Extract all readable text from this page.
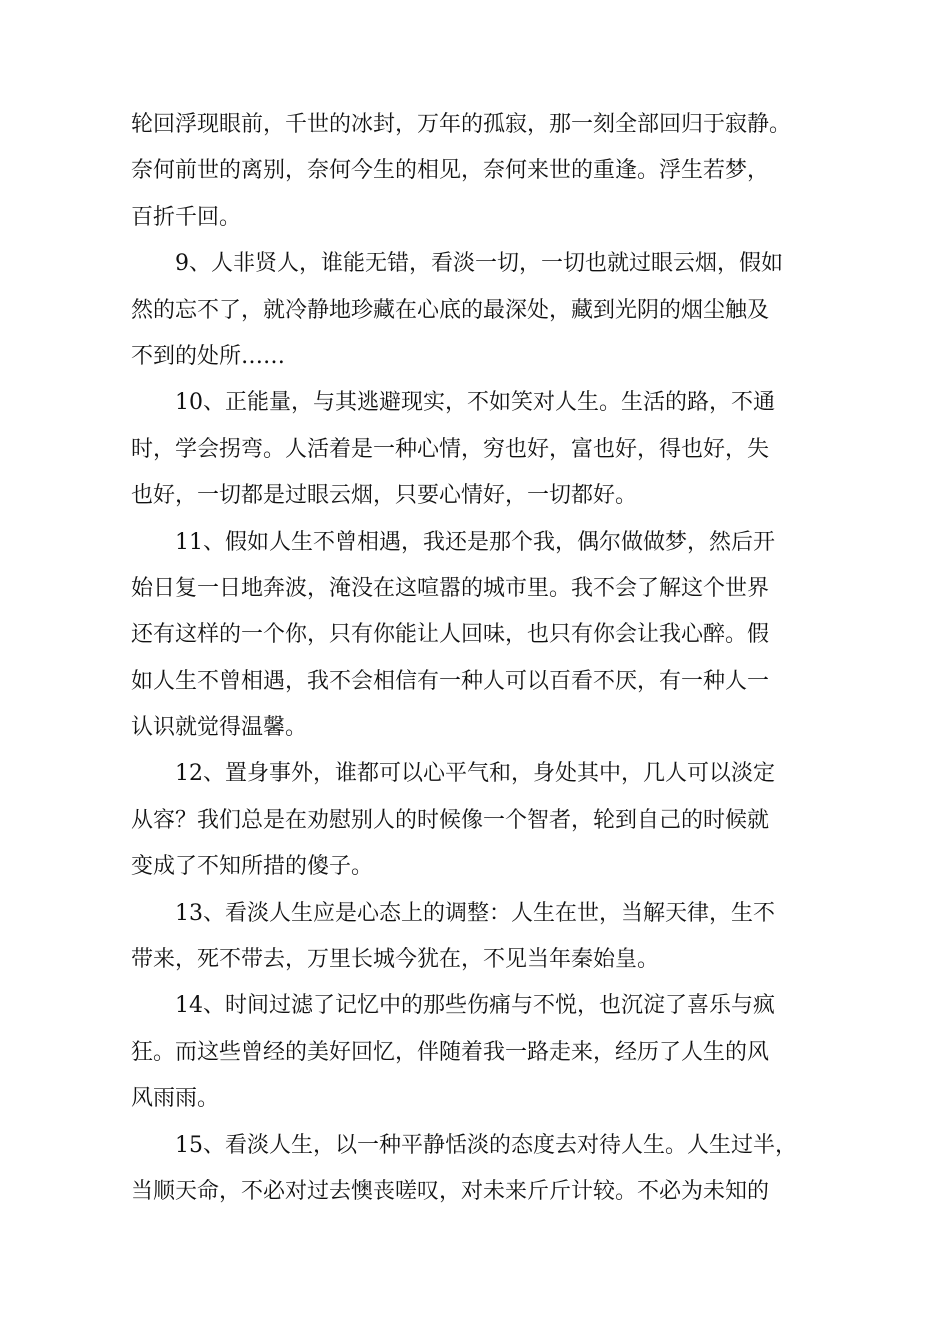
轮回浮现眼前，千世的冰封，万年的孤寂，那一刻全部回归于寂静。
奈何前世的离别，奈何今生的相见，奈何来世的重逢。浮生若梦，
百折千回。
9、人非贤人，谁能无错，看淡一切，一切也就过眼云烟，假如
然的忘不了，就冷静地珍藏在心底的最深处，藏到光阴的烟尘触及
不到的处所……
10、正能量，与其逃避现实，不如笑对人生。生活的路，不通
时，学会拐弯。人活着是一种心情，穷也好，富也好，得也好，失
也好，一切都是过眼云烟，只要心情好，一切都好。
11、假如人生不曾相遇，我还是那个我，偶尔做做梦，然后开
始日复一日地奔波，淹没在这喧嚣的城市里。我不会了解这个世界
还有这样的一个你，只有你能让人回味，也只有你会让我心醉。假
如人生不曾相遇，我不会相信有一种人可以百看不厌，有一种人一
认识就觉得温馨。
12、置身事外，谁都可以心平气和，身处其中，几人可以淡定
从容？我们总是在劝慰别人的时候像一个智者，轮到自己的时候就
变成了不知所措的傻子。
13、看淡人生应是心态上的调整：人生在世，当解天律，生不
带来，死不带去，万里长城今犹在，不见当年秦始皇。
14、时间过滤了记忆中的那些伤痛与不悦，也沉淀了喜乐与疯
狂。而这些曾经的美好回忆，伴随着我一路走来，经历了人生的风
风雨雨。
15、看淡人生，以一种平静恬淡的态度去对待人生。人生过半，
当顺天命，不必对过去懊丧嗟叹，对未来斤斤计较。不必为未知的
